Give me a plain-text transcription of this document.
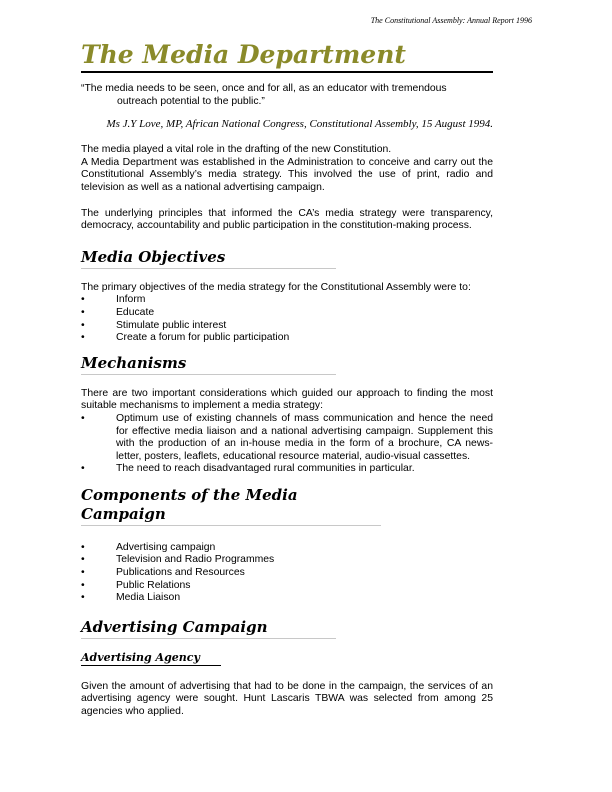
The Constitutional Assembly: Annual Report 1996
The Media Department

“The media needs to be seen, once and for all, as an educator with tremendous

outreach potential to the public.”

Ms J.Y Love, MP, African National Congress, Constitutional Assembly, 15 August 1994.

The media played a vital role in the drafting of the new Constitution.

A Media Department was established in the Administration to conceive and carry out the Constitutional Assembly’s media strategy. This involved the use of print, radio and television as well as a national advertising campaign.

The underlying principles that informed the CA’s media strategy were transparency, democracy, accountability and public participation in the constitution-making process.

Media Objectives

The primary objectives of the media strategy for the Constitutional Assembly were to:

•	Inform
•	Educate
•	Stimulate public interest
•	Create a forum for public participation
Mechanisms

There are two important considerations which guided our approach to finding the most suitable mechanisms to implement a media strategy:

•	Optimum use of existing channels of mass communication and hence the need for effective media liaison and a national advertising campaign. Supplement this with the production of an in-house media in the form of a brochure, CA news-letter, posters, leaflets, educational resource material, audio-visual cassettes.
•	The need to reach disadvantaged rural communities in particular.
Components of the Media Campaign
•	Advertising campaign
•	Television and Radio Programmes
•	Publications and Resources
•	Public Relations
•	Media Liaison
Advertising Campaign
Advertising Agency

Given the amount of advertising that had to be done in the campaign, the services of an advertising agency were sought. Hunt Lascaris TBWA was selected from among 25 agencies who applied.
